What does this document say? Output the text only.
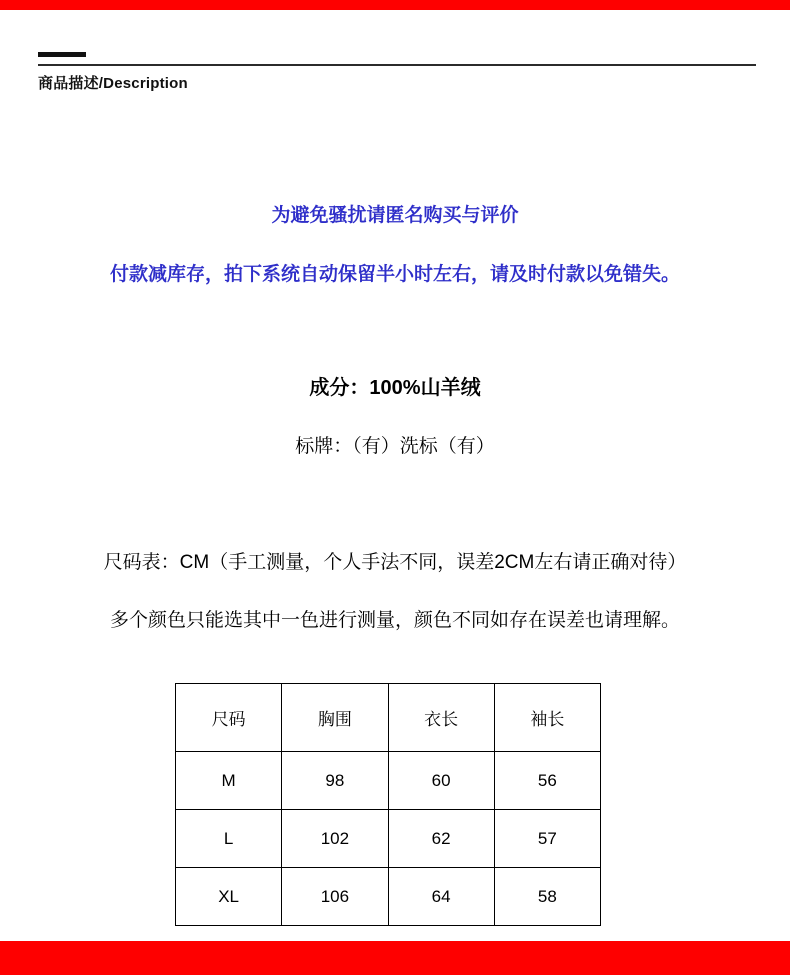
商品描述/Description
为避免骚扰请匿名购买与评价
付款减库存，拍下系统自动保留半小时左右，请及时付款以免错失。
成分：100%山羊绒
标牌：（有）洗标（有）
尺码表：CM（手工测量，个人手法不同，误差2CM左右请正确对待）
多个颜色只能选其中一色进行测量，颜色不同如存在误差也请理解。
尺码	胸围	衣长	袖长
M	98	60	56
L	102	62	57
XL	106	64	58
